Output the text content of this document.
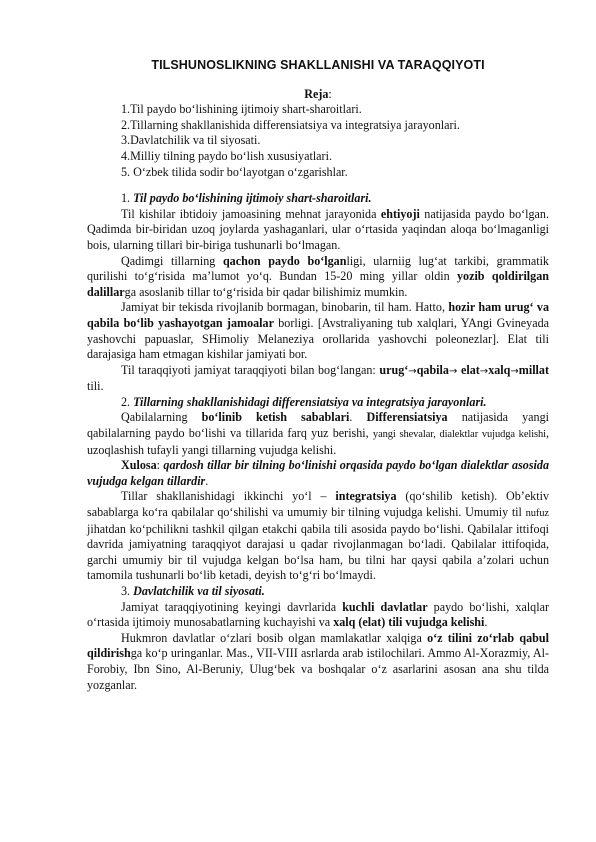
TILSHUNOSLIKNING SHAKLLANISHI VA TARAQQIYOTI
Reja:
1.Til paydo bo‘lishining ijtimoiy shart-sharoitlari.
2.Tillarning shakllanishida differensiatsiya va integratsiya jarayonlari.
3.Davlatchilik va til siyosati.
4.Milliy tilning paydo bo‘lish xususiyatlari.
5. O‘zbek tilida sodir bo‘layotgan o‘zgarishlar.

1. Til paydo bo‘lishining ijtimoiy shart-sharoitlari.

Til kishilar ibtidoiy jamoasining mehnat jarayonida ehtiyoji natijasida paydo bo‘lgan. Qadimda bir-biridan uzoq joylarda yashaganlari, ular o‘rtasida yaqindan aloqa bo‘lmaganligi bois, ularning tillari bir-biriga tushunarli bo‘lmagan.

Qadimgi tillarning qachon paydo bo‘lganligi, ularniig lug‘at tarkibi, grammatik qurilishi to‘g‘risida ma’lumot yo‘q. Bundan 15-20 ming yillar oldin yozib qoldirilgan dalillarga asoslanib tillar to‘g‘risida bir qadar bilishimiz mumkin.

Jamiyat bir tekisda rivojlanib bormagan, binobarin, til ham. Hatto, hozir ham urug‘ va qabila bo‘lib yashayotgan jamoalar borligi. [Avstraliyaning tub xalqlari, YAngi Gvineyada yashovchi papuaslar, SHimoliy Melaneziya orollarida yashovchi poleonezlar]. Elat tili darajasiga ham etmagan kishilar jamiyati bor.

Til taraqqiyoti jamiyat taraqqiyoti bilan bog‘langan: urug‘→qabila→ elat→xalq→millat tili.

2. Tillarning shakllanishidagi differensiatsiya va integratsiya jarayonlari.

Qabilalarning bo‘linib ketish sabablari. Differensiatsiya natijasida yangi qabilalarning paydo bo‘lishi va tillarida farq yuz berishi, yangi shevalar, dialektlar vujudga kelishi, uzoqlashish tufayli yangi tillarning vujudga kelishi.

Xulosa: qardosh tillar bir tilning bo‘linishi orqasida paydo bo‘lgan dialektlar asosida vujudga kelgan tillardir.

Tillar shakllanishidagi ikkinchi yo‘l – integratsiya (qo‘shilib ketish). Ob’ektiv sabablarga ko‘ra qabilalar qo‘shilishi va umumiy bir tilning vujudga kelishi. Umumiy til nufuz jihatdan ko‘pchilikni tashkil qilgan etakchi qabila tili asosida paydo bo‘lishi. Qabilalar ittifoqi davrida jamiyatning taraqqiyot darajasi u qadar rivojlanmagan bo‘ladi. Qabilalar ittifoqida, garchi umumiy bir til vujudga kelgan bo‘lsa ham, bu tilni har qaysi qabila a’zolari uchun tamomila tushunarli bo‘lib ketadi, deyish to‘g‘ri bo‘lmaydi.

3. Davlatchilik va til siyosati.

Jamiyat taraqqiyotining keyingi davrlarida kuchli davlatlar paydo bo‘lishi, xalqlar o‘rtasida ijtimoiy munosabatlarning kuchayishi va xalq (elat) tili vujudga kelishi.

Hukmron davlatlar o‘zlari bosib olgan mamlakatlar xalqiga o‘z tilini zo‘rlab qabul qildirishga ko‘p uringanlar. Mas., VII-VIII asrlarda arab istilochilari. Ammo Al-Xorazmiy, Al-Forobiy, Ibn Sino, Al-Beruniy, Ulug‘bek va boshqalar o‘z asarlarini asosan ana shu tilda yozganlar.
